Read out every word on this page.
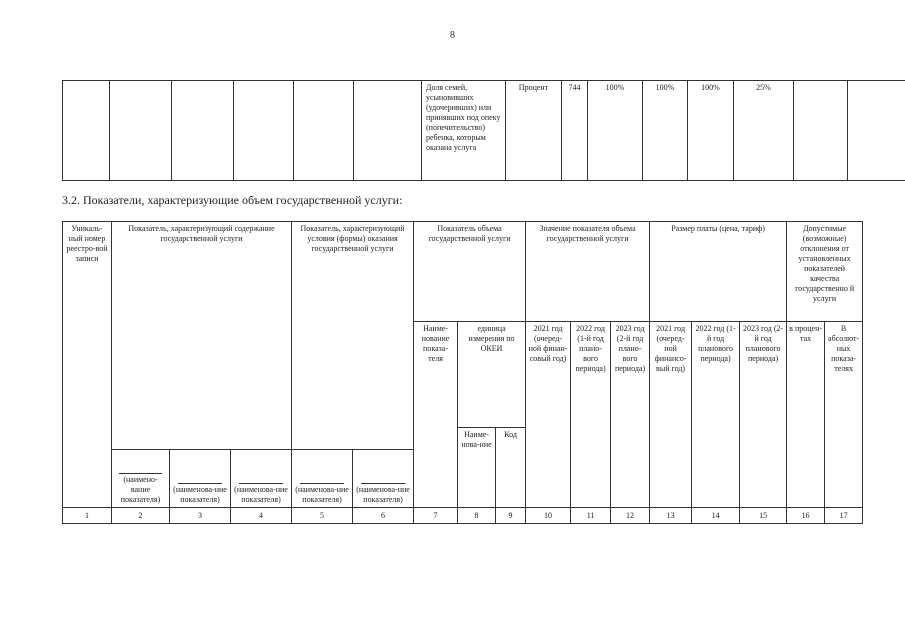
8
						Доля семей, усыновивших (удочеривших) или принявших под опеку (попечительство) ребенка, которым оказана услуга	Процент	744	100%	100%	100%	25%		
3.2. Показатели, характеризующие объем государственной услуги:
Уникаль-ный номер реестро-вой записи	Показатель, характеризующий содержание государственной услуги			Показатель, характеризующий условия (формы) оказания государственной услуги		Показатель объема государственной услуги			Значение показателя объема государственной услуги			Размер платы (цена, тариф)			Допустимые (возможные) отклонения от установленных показателей качества государственно й услуги	
						Наиме-нование показа-теля	единица измерения по ОКЕИ		2021 год (очеред-ной финан-совый год)	2022 год (1-й год плано-вого периода)	2023 год (2-й год плано-вого периода)	2021 год (очеред-ной финансо-вый год)	2022 год (1-й год планового периода)	2023 год (2-й год планового периода)	в процен-тах	В абсолют-ных показа-телях
							Наиме-нова-ние	Код								

	(наимено-вание показателя)	(наименова-ние показателя)	(наименова-ние показателя)	(наименова-ние показателя)	(наименова-ние показателя)											

1	2	3	4	5	6	7	8	9	10	11	12	13	14	15	16	17
